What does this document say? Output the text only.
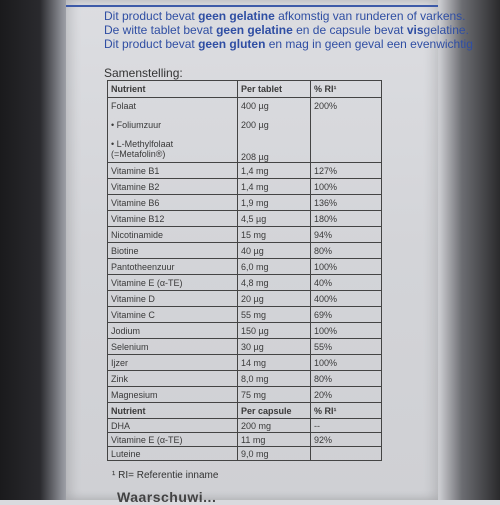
Dit product bevat geen gelatine afkomstig van runderen of varkens.
De witte tablet bevat geen gelatine en de capsule bevat visgelatine.
Dit product bevat geen gluten en mag in geen geval een evenwichtig
Samenstelling:
Nutrient	Per tablet	% RI¹
Folaat	400 µg	200%
• Foliumzuur	200 µg	

• L-Methylfolaat
(=Metafolin®)	208 µg	
Vitamine B1	1,4 mg	127%
Vitamine B2	1,4 mg	100%
Vitamine B6	1,9 mg	136%
Vitamine B12	4,5 µg	180%
Nicotinamide	15 mg	94%
Biotine	40 µg	80%
Pantotheenzuur	6,0 mg	100%
Vitamine E (α-TE)	4,8 mg	40%
Vitamine D	20 µg	400%
Vitamine C	55 mg	69%
Jodium	150 µg	100%
Selenium	30 µg	55%
Ijzer	14 mg	100%
Zink	8,0 mg	80%
Magnesium	75 mg	20%
Nutrient	Per capsule	% RI¹
DHA	200 mg	--
Vitamine E (α-TE)	11 mg	92%
Luteine	9,0 mg	
¹ RI= Referentie inname
Waarschuwi...
